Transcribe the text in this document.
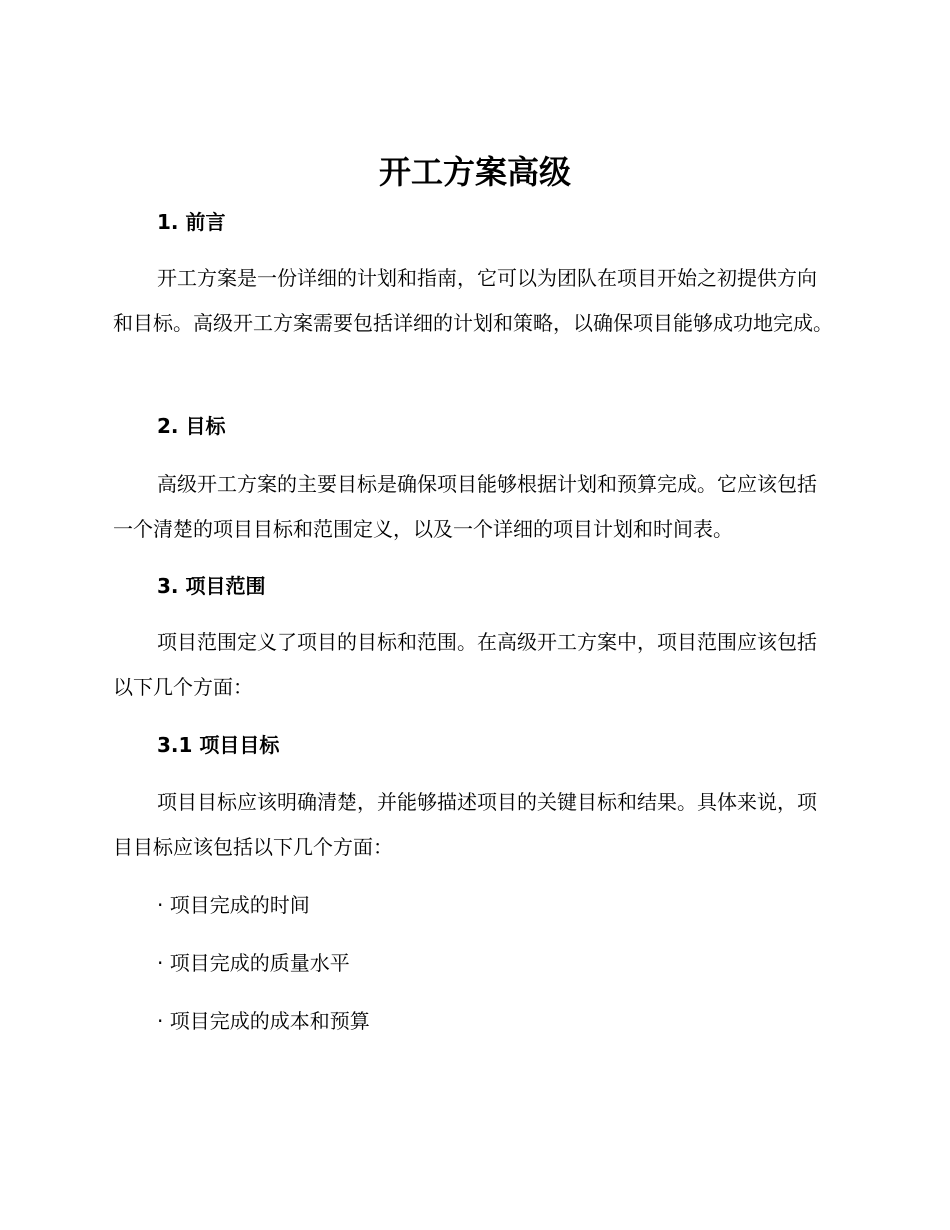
开工方案高级
1. 前言

开工方案是一份详细的计划和指南，它可以为团队在项目开始之初提供方向和目标。高级开工方案需要包括详细的计划和策略，以确保项目能够成功地完成。

2. 目标

高级开工方案的主要目标是确保项目能够根据计划和预算完成。它应该包括一个清楚的项目目标和范围定义，以及一个详细的项目计划和时间表。

3. 项目范围

项目范围定义了项目的目标和范围。在高级开工方案中，项目范围应该包括以下几个方面：

3.1 项目目标

项目目标应该明确清楚，并能够描述项目的关键目标和结果。具体来说，项目目标应该包括以下几个方面：

· 项目完成的时间

· 项目完成的质量水平

· 项目完成的成本和预算
